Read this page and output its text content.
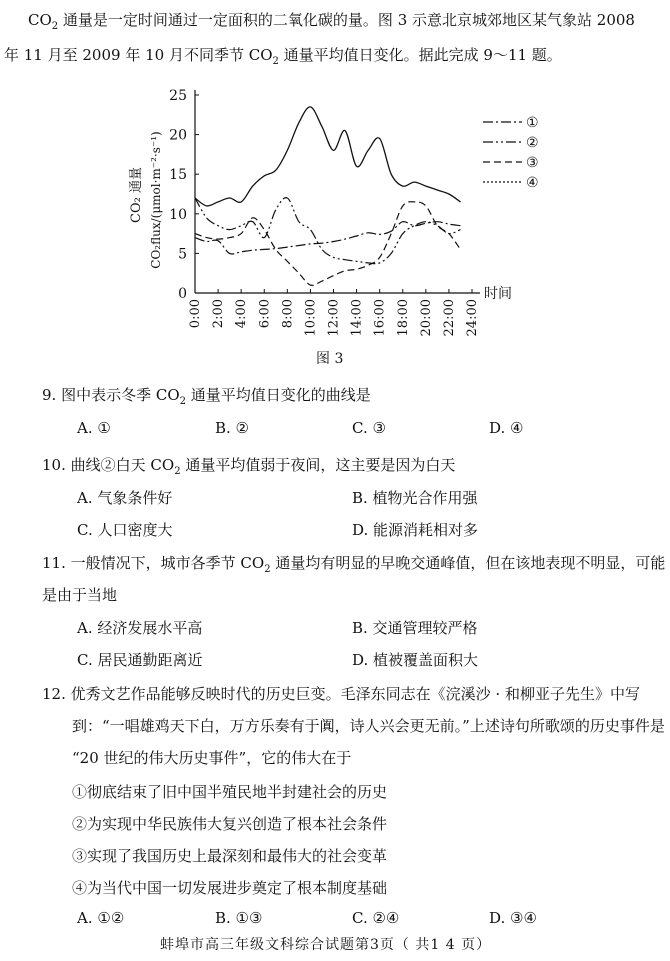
$CO_2$ 通量是一定时间通过一定面积的二氧化碳的量。图 3 示意北京城郊地区某气象站 2008
年 11 月至 2009 年 10 月不同季节 $CO_2$ 通量平均值日变化。据此完成 9～11 题。
0
5
10
15
20
25
0:00 2:00 4:00 6:00 8:00 10:00 12:00 14:00 16:00 18:00 20:00 22:00 24:00
①
②
③
④
CO₂ 通量 CO₂flux/(μmol·m⁻²·s⁻¹)
时间
图 3
9. 图中表示冬季 $CO_2$ 通量平均值日变化的曲线是
A. ①	B. ②	C. ③	D. ④
10. 曲线②白天 $CO_2$ 通量平均值弱于夜间，这主要是因为白天
A. 气象条件好	B. 植物光合作用强
C. 人口密度大	D. 能源消耗相对多
11. 一般情况下，城市各季节 $CO_2$ 通量均有明显的早晚交通峰值，但在该地表现不明显，可能
是由于当地
A. 经济发展水平高	B. 交通管理较严格
C. 居民通勤距离近	D. 植被覆盖面积大
12. 优秀文艺作品能够反映时代的历史巨变。毛泽东同志在《浣溪沙 · 和柳亚子先生》中写
到：“一唱雄鸡天下白，万方乐奏有于阗，诗人兴会更无前。”上述诗句所歌颂的历史事件是
“20 世纪的伟大历史事件”，它的伟大在于
①彻底结束了旧中国半殖民地半封建社会的历史
②为实现中华民族伟大复兴创造了根本社会条件
③实现了我国历史上最深刻和最伟大的社会变革
④为当代中国一切发展进步奠定了根本制度基础
A. ①②	B. ①③	C. ②④	D. ③④
蚌埠市高三年级文科综合试题第3页（ 共1 4 页）
